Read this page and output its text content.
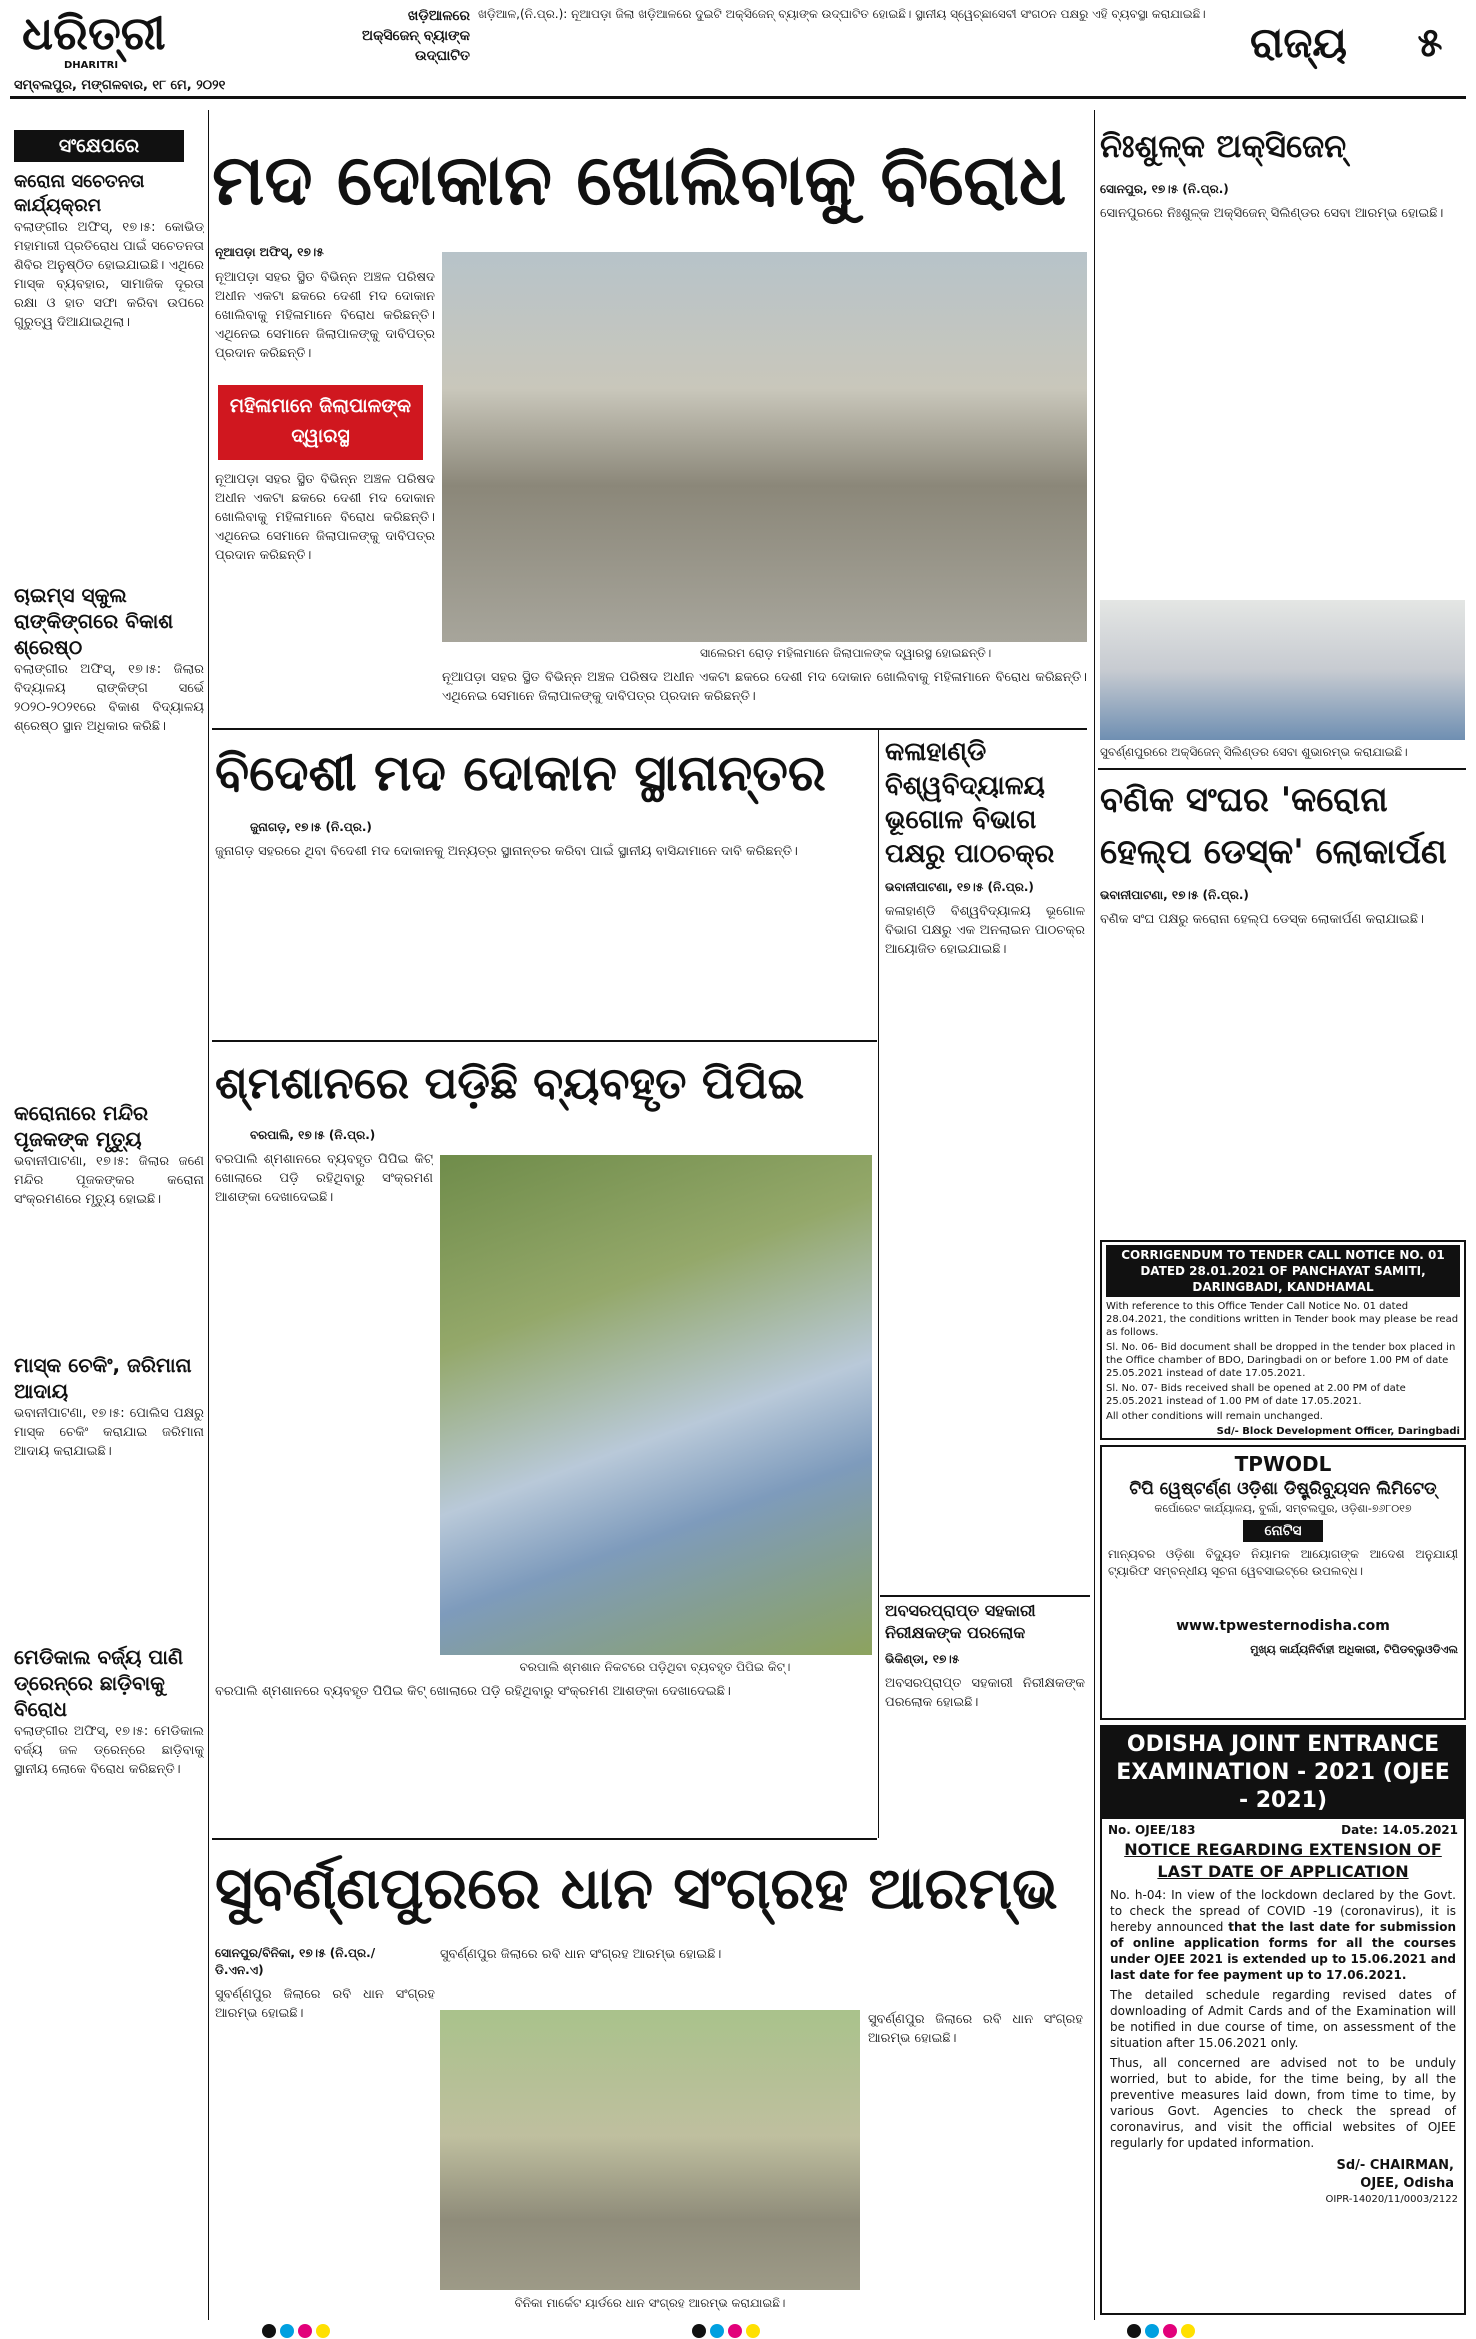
ଧରିତ୍ରୀ
DHARITRI
ସମ୍ବଲପୁର, ମଙ୍ଗଳବାର, ୧୮ ମେ, ୨୦୨୧
ଖଡ଼ିଆଳରେ ଅକ୍ସିଜେନ୍ ବ୍ୟାଙ୍କ ଉଦ୍‌ଘାଟିତ
ଖଡ଼ିଆଳ,(ନି.ପ୍ର.): ନୂଆପଡ଼ା ଜିଲା ଖଡ଼ିଆଳରେ ଦୁଇଟି ଅକ୍ସିଜେନ୍ ବ୍ୟାଙ୍କ ଉଦ୍‌ଘାଟିତ ହୋଇଛି। ସ୍ଥାନୀୟ ସ୍ୱେଚ୍ଛାସେବୀ ସଂଗଠନ ପକ୍ଷରୁ ଏହି ବ୍ୟବସ୍ଥା କରାଯାଇଛି।
ରାଜ୍ୟ	୫
ସଂକ୍ଷେପରେ
କରୋନା ସଚେତନତା କାର୍ଯ୍ୟକ୍ରମ
ବଲାଙ୍ଗୀର ଅଫିସ୍, ୧୭।୫: କୋଭିଡ୍ ମହାମାରୀ ପ୍ରତିରୋଧ ପାଇଁ ସଚେତନତା ଶିବିର ଅନୁଷ୍ଠିତ ହୋଇଯାଇଛି। ଏଥିରେ ମାସ୍କ ବ୍ୟବହାର, ସାମାଜିକ ଦୂରତା ରକ୍ଷା ଓ ହାତ ସଫା କରିବା ଉପରେ ଗୁରୁତ୍ୱ ଦିଆଯାଇଥିଲା।
ଚାଇମ୍ସ ସ୍କୁଲ ରାଙ୍କିଙ୍ଗରେ ବିକାଶ ଶ୍ରେଷ୍ଠ
ବଲାଙ୍ଗୀର ଅଫିସ୍, ୧୭।୫: ଜିଲାର ବିଦ୍ୟାଳୟ ରାଙ୍କିଙ୍ଗ ସର୍ଭେ ୨୦୨୦-୨୦୨୧ରେ ବିକାଶ ବିଦ୍ୟାଳୟ ଶ୍ରେଷ୍ଠ ସ୍ଥାନ ଅଧିକାର କରିଛି।
କରୋନାରେ ମନ୍ଦିର ପୂଜକଙ୍କ ମୃତ୍ୟୁ
ଭବାନୀପାଟଣା, ୧୭।୫: ଜିଲାର ଜଣେ ମନ୍ଦିର ପୂଜକଙ୍କର କରୋନା ସଂକ୍ରମଣରେ ମୃତ୍ୟୁ ହୋଇଛି।
ମାସ୍କ ଚେକିଂ, ଜରିମାନା ଆଦାୟ
ଭବାନୀପାଟଣା, ୧୭।୫: ପୋଲିସ ପକ୍ଷରୁ ମାସ୍କ ଚେକିଂ କରାଯାଇ ଜରିମାନା ଆଦାୟ କରାଯାଇଛି।
ମେଡିକାଲ ବର୍ଜ୍ୟ ପାଣି ଡ୍ରେନ୍‌ରେ ଛାଡ଼ିବାକୁ ବିରୋଧ
ବଲାଙ୍ଗୀର ଅଫିସ୍, ୧୭।୫: ମେଡିକାଲ ବର୍ଜ୍ୟ ଜଳ ଡ୍ରେନ୍‌ରେ ଛାଡ଼ିବାକୁ ସ୍ଥାନୀୟ ଲୋକେ ବିରୋଧ କରିଛନ୍ତି।
ମଦ ଦୋକାନ ଖୋଲିବାକୁ ବିରୋଧ
ନୂଆପଡ଼ା ଅଫିସ୍, ୧୭।୫
ନୂଆପଡ଼ା ସହର ସ୍ଥିତ ବିଭିନ୍ନ ଅଞ୍ଚଳ ପରିଷଦ ଅଧୀନ ଏକଟା ଛକରେ ଦେଶୀ ମଦ ଦୋକାନ ଖୋଲିବାକୁ ମହିଳାମାନେ ବିରୋଧ କରିଛନ୍ତି। ଏଥିନେଇ ସେମାନେ ଜିଲାପାଳଙ୍କୁ ଦାବିପତ୍ର ପ୍ରଦାନ କରିଛନ୍ତି।
ମହିଳାମାନେ ଜିଲାପାଳଙ୍କ ଦ୍ୱାରସ୍ଥ
ନୂଆପଡ଼ା ସହର ସ୍ଥିତ ବିଭିନ୍ନ ଅଞ୍ଚଳ ପରିଷଦ ଅଧୀନ ଏକଟା ଛକରେ ଦେଶୀ ମଦ ଦୋକାନ ଖୋଲିବାକୁ ମହିଳାମାନେ ବିରୋଧ କରିଛନ୍ତି। ଏଥିନେଇ ସେମାନେ ଜିଲାପାଳଙ୍କୁ ଦାବିପତ୍ର ପ୍ରଦାନ କରିଛନ୍ତି।
ସାଲେରମ ରୋଡ଼ ମହିଳାମାନେ ଜିଲାପାଳଙ୍କ ଦ୍ୱାରସ୍ଥ ହୋଇଛନ୍ତି।
ନୂଆପଡ଼ା ସହର ସ୍ଥିତ ବିଭିନ୍ନ ଅଞ୍ଚଳ ପରିଷଦ ଅଧୀନ ଏକଟା ଛକରେ ଦେଶୀ ମଦ ଦୋକାନ ଖୋଲିବାକୁ ମହିଳାମାନେ ବିରୋଧ କରିଛନ୍ତି। ଏଥିନେଇ ସେମାନେ ଜିଲାପାଳଙ୍କୁ ଦାବିପତ୍ର ପ୍ରଦାନ କରିଛନ୍ତି।
ବିଦେଶୀ ମଦ ଦୋକାନ ସ୍ଥାନାନ୍ତର
ଜୁନାଗଡ଼, ୧୭।୫ (ନି.ପ୍ର.)
ଜୁନାଗଡ଼ ସହରରେ ଥିବା ବିଦେଶୀ ମଦ ଦୋକାନକୁ ଅନ୍ୟତ୍ର ସ୍ଥାନାନ୍ତର କରିବା ପାଇଁ ସ୍ଥାନୀୟ ବାସିନ୍ଦାମାନେ ଦାବି କରିଛନ୍ତି।
ଶ୍ମଶାନରେ ପଡ଼ିଛି ବ୍ୟବହୃତ ପିପିଇ
ବରପାଲି, ୧୭।୫ (ନି.ପ୍ର.)
ବରପାଲି ଶ୍ମଶାନରେ ବ୍ୟବହୃତ ପିପିଇ କିଟ୍ ଖୋଲାରେ ପଡ଼ି ରହିଥିବାରୁ ସଂକ୍ରମଣ ଆଶଙ୍କା ଦେଖାଦେଇଛି।
ବରପାଲି ଶ୍ମଶାନ ନିକଟରେ ପଡ଼ିଥିବା ବ୍ୟବହୃତ ପିପିଇ କିଟ୍।
ବରପାଲି ଶ୍ମଶାନରେ ବ୍ୟବହୃତ ପିପିଇ କିଟ୍ ଖୋଲାରେ ପଡ଼ି ରହିଥିବାରୁ ସଂକ୍ରମଣ ଆଶଙ୍କା ଦେଖାଦେଇଛି।
କଳାହାଣ୍ଡି ବିଶ୍ୱବିଦ୍ୟାଳୟ ଭୂଗୋଳ ବିଭାଗ ପକ୍ଷରୁ ପାଠଚକ୍ର
ଭବାନୀପାଟଣା, ୧୭।୫ (ନି.ପ୍ର.)
କଳାହାଣ୍ଡି ବିଶ୍ୱବିଦ୍ୟାଳୟ ଭୂଗୋଳ ବିଭାଗ ପକ୍ଷରୁ ଏକ ଅନଲାଇନ ପାଠଚକ୍ର ଆୟୋଜିତ ହୋଇଯାଇଛି।
ଅବସରପ୍ରାପ୍ତ ସହକାରୀ ନିରୀକ୍ଷକଙ୍କ ପରଲୋକ
ଭିକିଣ୍ଡା, ୧୭।୫
ଅବସରପ୍ରାପ୍ତ ସହକାରୀ ନିରୀକ୍ଷକଙ୍କ ପରଲୋକ ହୋଇଛି।
ସୁବର୍ଣ୍ଣପୁରରେ ଧାନ ସଂଗ୍ରହ ଆରମ୍ଭ
ସୋନପୁର/ବିନିକା, ୧୭।୫ (ନି.ପ୍ର./ଡି.ଏନ.ଏ)
ସୁବର୍ଣ୍ଣପୁର ଜିଲାରେ ରବି ଧାନ ସଂଗ୍ରହ ଆରମ୍ଭ ହୋଇଛି।
ବିନିକା ମାର୍କେଟ ୟାର୍ଡରେ ଧାନ ସଂଗ୍ରହ ଆରମ୍ଭ କରାଯାଇଛି।
ସୁବର୍ଣ୍ଣପୁର ଜିଲାରେ ରବି ଧାନ ସଂଗ୍ରହ ଆରମ୍ଭ ହୋଇଛି।
ସୁବର୍ଣ୍ଣପୁର ଜିଲାରେ ରବି ଧାନ ସଂଗ୍ରହ ଆରମ୍ଭ ହୋଇଛି।
ନିଃଶୁଳ୍କ ଅକ୍ସିଜେନ୍
ସୋନପୁର, ୧୭।୫ (ନି.ପ୍ର.)
ସୋନପୁରରେ ନିଃଶୁଳ୍କ ଅକ୍ସିଜେନ୍ ସିଲିଣ୍ଡର ସେବା ଆରମ୍ଭ ହୋଇଛି।
ସୁବର୍ଣ୍ଣପୁରରେ ଅକ୍ସିଜେନ୍ ସିଲିଣ୍ଡର ସେବା ଶୁଭାରମ୍ଭ କରାଯାଇଛି।
ବଣିକ ସଂଘର 'କରୋନା ହେଲ୍ପ ଡେସ୍କ' ଲୋକାର୍ପଣ
ଭବାନୀପାଟଣା, ୧୭।୫ (ନି.ପ୍ର.)
ବଣିକ ସଂଘ ପକ୍ଷରୁ କରୋନା ହେଲ୍ପ ଡେସ୍କ ଲୋକାର୍ପଣ କରାଯାଇଛି।
CORRIGENDUM TO TENDER CALL NOTICE NO. 01 DATED 28.01.2021 OF PANCHAYAT SAMITI, DARINGBADI, KANDHAMAL
With reference to this Office Tender Call Notice No. 01 dated 28.04.2021, the conditions written in Tender book may please be read as follows.
Sl. No. 06- Bid document shall be dropped in the tender box placed in the Office chamber of BDO, Daringbadi on or before 1.00 PM of date 25.05.2021 instead of date 17.05.2021.
Sl. No. 07- Bids received shall be opened at 2.00 PM of date 25.05.2021 instead of 1.00 PM of date 17.05.2021.
All other conditions will remain unchanged.
Sd/- Block Development Officer, Daringbadi
TPWODL
ଟିପି ୱେଷ୍ଟର୍ଣ୍ଣ ଓଡ଼ିଶା ଡିଷ୍ଟ୍ରିବ୍ୟୁସନ ଲିମିଟେଡ୍
କର୍ପୋରେଟ କାର୍ଯ୍ୟାଳୟ, ବୁର୍ଲା, ସମ୍ବଲପୁର, ଓଡ଼ିଶା-୭୬୮୦୧୭
ନୋଟିସ
ମାନ୍ୟବର ଓଡ଼ିଶା ବିଦ୍ୟୁତ ନିୟାମକ ଆୟୋଗଙ୍କ ଆଦେଶ ଅନୁଯାୟୀ ଟ୍ୟାରିଫ ସମ୍ବନ୍ଧୀୟ ସୂଚନା ୱେବସାଇଟ୍‌ରେ ଉପଲବ୍ଧ।
www.tpwesternodisha.com
ମୁଖ୍ୟ କାର୍ଯ୍ୟନିର୍ବାହୀ ଅଧିକାରୀ, ଟିପିଡବ୍ଲୁଓଡିଏଲ
ODISHA JOINT ENTRANCE EXAMINATION - 2021 (OJEE - 2021)
No. OJEE/183	Date: 14.05.2021
NOTICE REGARDING EXTENSION OF LAST DATE OF APPLICATION
No. h-04: In view of the lockdown declared by the Govt. to check the spread of COVID -19 (coronavirus), it is hereby announced that the last date for submission of online application forms for all the courses under OJEE 2021 is extended up to 15.06.2021 and last date for fee payment up to 17.06.2021.
The detailed schedule regarding revised dates of downloading of Admit Cards and of the Examination will be notified in due course of time, on assessment of the situation after 15.06.2021 only.
Thus, all concerned are advised not to be unduly worried, but to abide, for the time being, by all the preventive measures laid down, from time to time, by various Govt. Agencies to check the spread of coronavirus, and visit the official websites of OJEE regularly for updated information.
Sd/- CHAIRMAN,
OJEE, Odisha
OIPR-14020/11/0003/2122
